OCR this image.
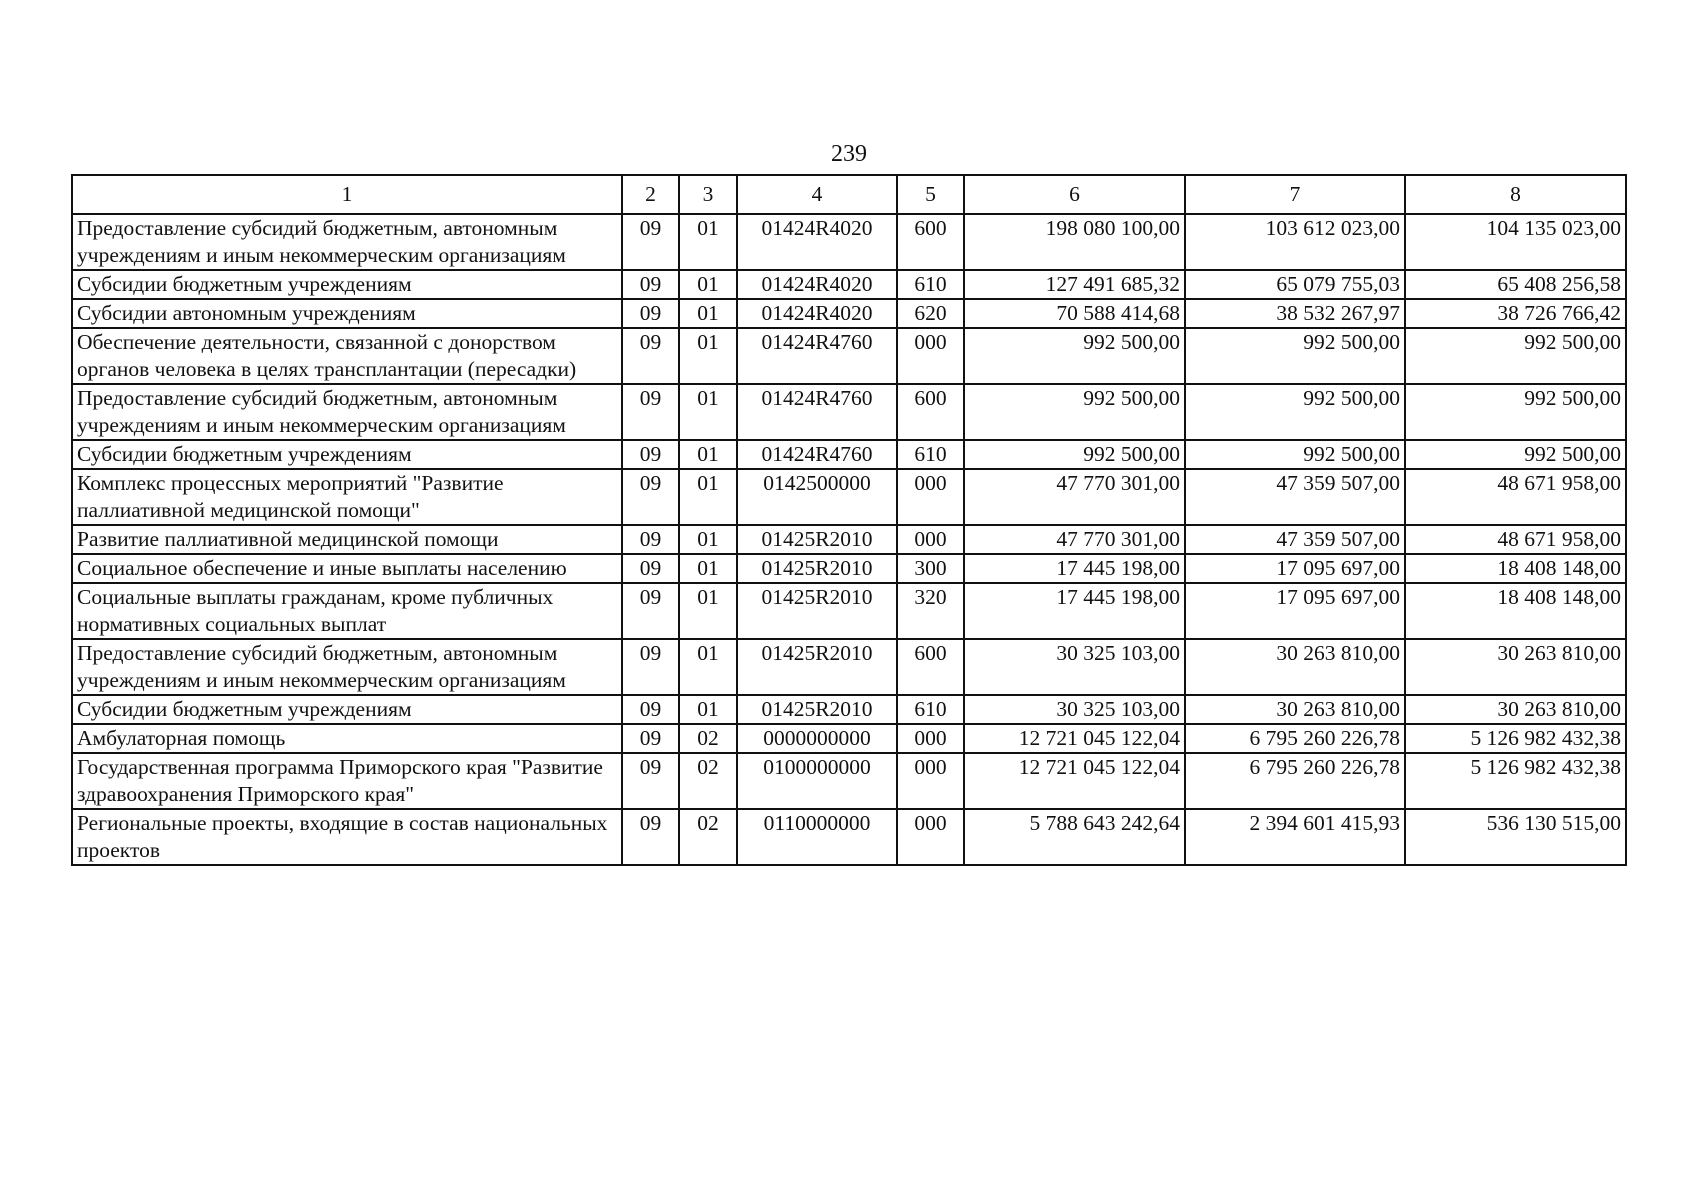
239
1	2	3	4	5	6	7	8
Предоставление субсидий бюджетным, автономным учреждениям и иным некоммерческим организациям	09	01	01424R4020	600	198 080 100,00	103 612 023,00	104 135 023,00
Субсидии бюджетным учреждениям	09	01	01424R4020	610	127 491 685,32	65 079 755,03	65 408 256,58
Субсидии автономным учреждениям	09	01	01424R4020	620	70 588 414,68	38 532 267,97	38 726 766,42
Обеспечение деятельности, связанной с донорством органов человека в целях трансплантации (пересадки)	09	01	01424R4760	000	992 500,00	992 500,00	992 500,00
Предоставление субсидий бюджетным, автономным учреждениям и иным некоммерческим организациям	09	01	01424R4760	600	992 500,00	992 500,00	992 500,00
Субсидии бюджетным учреждениям	09	01	01424R4760	610	992 500,00	992 500,00	992 500,00
Комплекс процессных мероприятий "Развитие паллиативной медицинской помощи"	09	01	0142500000	000	47 770 301,00	47 359 507,00	48 671 958,00
Развитие паллиативной медицинской помощи	09	01	01425R2010	000	47 770 301,00	47 359 507,00	48 671 958,00
Социальное обеспечение и иные выплаты населению	09	01	01425R2010	300	17 445 198,00	17 095 697,00	18 408 148,00
Социальные выплаты гражданам, кроме публичных нормативных социальных выплат	09	01	01425R2010	320	17 445 198,00	17 095 697,00	18 408 148,00
Предоставление субсидий бюджетным, автономным учреждениям и иным некоммерческим организациям	09	01	01425R2010	600	30 325 103,00	30 263 810,00	30 263 810,00
Субсидии бюджетным учреждениям	09	01	01425R2010	610	30 325 103,00	30 263 810,00	30 263 810,00
Амбулаторная помощь	09	02	0000000000	000	12 721 045 122,04	6 795 260 226,78	5 126 982 432,38
Государственная программа Приморского края "Развитие здравоохранения Приморского края"	09	02	0100000000	000	12 721 045 122,04	6 795 260 226,78	5 126 982 432,38
Региональные проекты, входящие в состав национальных проектов	09	02	0110000000	000	5 788 643 242,64	2 394 601 415,93	536 130 515,00
